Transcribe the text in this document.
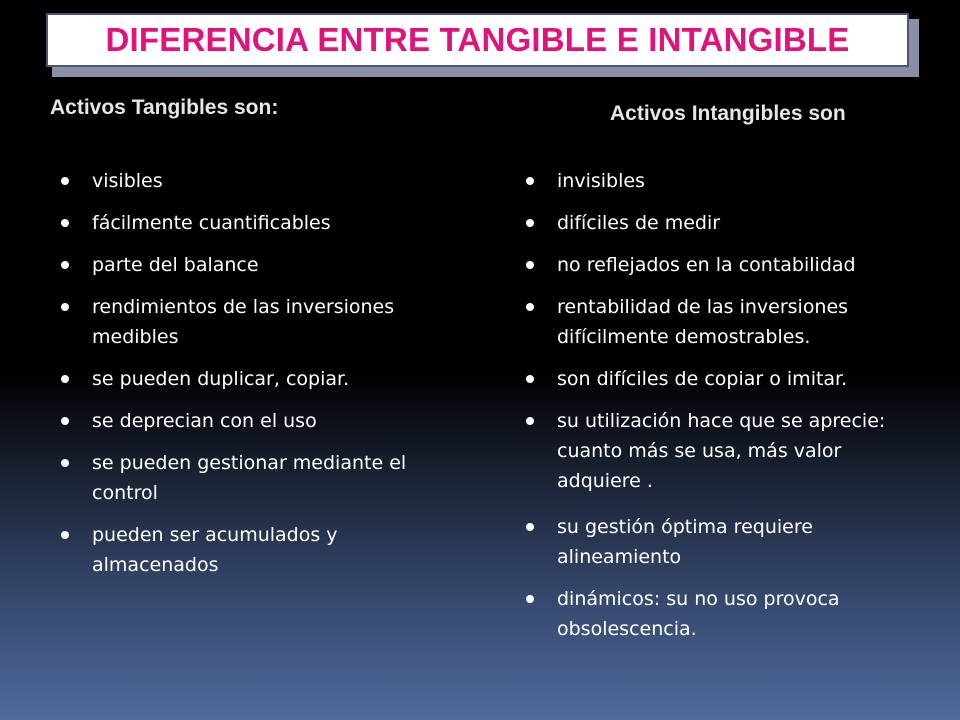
DIFERENCIA ENTRE TANGIBLE E INTANGIBLE
Activos Tangibles son:	Activos Intangibles son
visibles
fácilmente cuantificables
parte del balance
rendimientos de las inversiones medibles
se pueden duplicar, copiar.
se deprecian con el uso
se pueden gestionar mediante el control
pueden ser acumulados y almacenados
invisibles
difíciles de medir
no reflejados en la contabilidad
rentabilidad de las inversiones difícilmente demostrables.
son difíciles de copiar o imitar.
su utilización hace que se aprecie: cuanto más se usa, más valor adquiere .
su gestión óptima requiere alineamiento
dinámicos: su no uso provoca obsolescencia.
